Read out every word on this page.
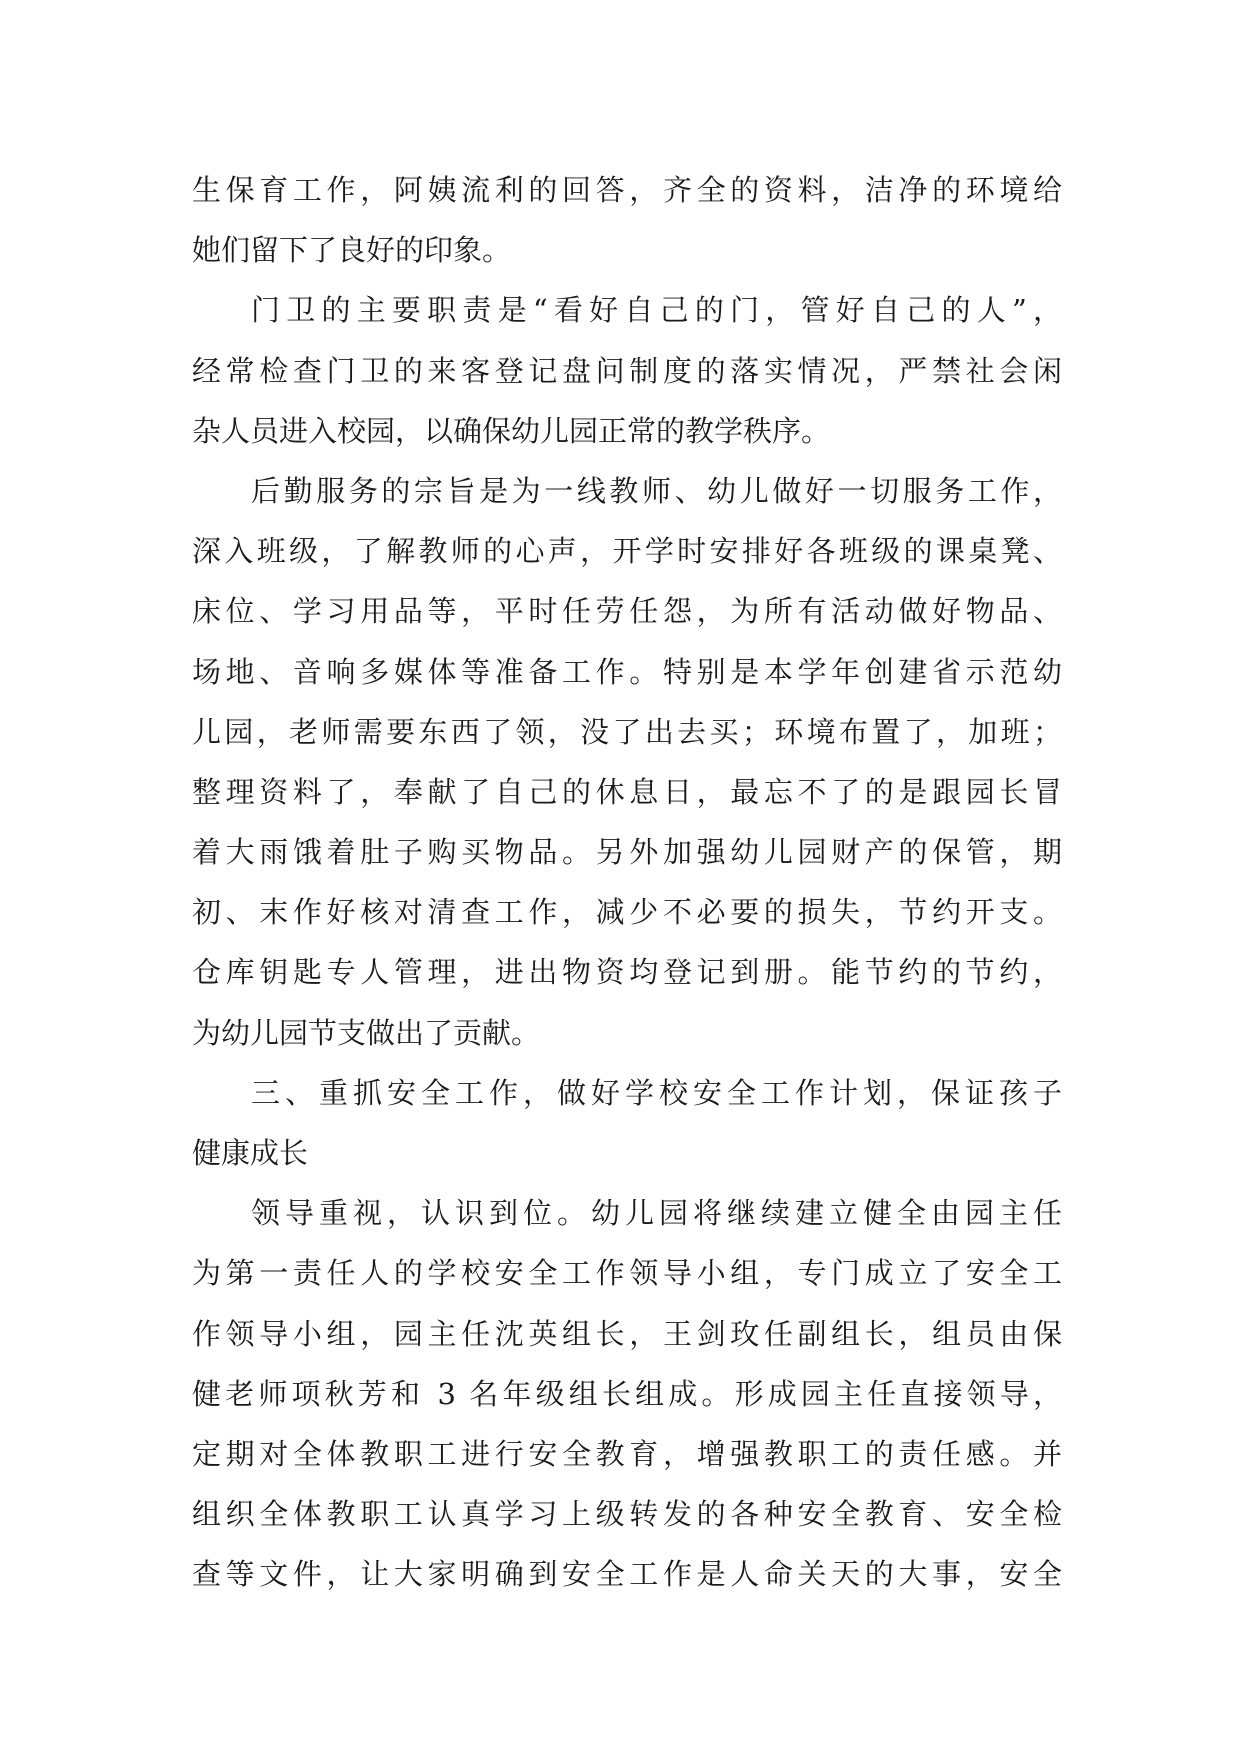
生保育工作，阿姨流利的回答，齐全的资料，洁净的环境给
她们留下了良好的印象。
门卫的主要职责是“看好自己的门，管好自己的人”，
经常检查门卫的来客登记盘问制度的落实情况，严禁社会闲
杂人员进入校园，以确保幼儿园正常的教学秩序。
后勤服务的宗旨是为一线教师、幼儿做好一切服务工作，
深入班级，了解教师的心声，开学时安排好各班级的课桌凳、
床位、学习用品等，平时任劳任怨，为所有活动做好物品、
场地、音响多媒体等准备工作。特别是本学年创建省示范幼
儿园，老师需要东西了领，没了出去买；环境布置了，加班；
整理资料了，奉献了自己的休息日，最忘不了的是跟园长冒
着大雨饿着肚子购买物品。另外加强幼儿园财产的保管，期
初、末作好核对清查工作，减少不必要的损失，节约开支。
仓库钥匙专人管理，进出物资均登记到册。能节约的节约，
为幼儿园节支做出了贡献。
三、重抓安全工作，做好学校安全工作计划，保证孩子
健康成长
领导重视，认识到位。幼儿园将继续建立健全由园主任
为第一责任人的学校安全工作领导小组，专门成立了安全工
作领导小组，园主任沈英组长，王剑玫任副组长，组员由保
健老师项秋芳和 3 名年级组长组成。形成园主任直接领导，
定期对全体教职工进行安全教育，增强教职工的责任感。并
组织全体教职工认真学习上级转发的各种安全教育、安全检
查等文件，让大家明确到安全工作是人命关天的大事，安全
